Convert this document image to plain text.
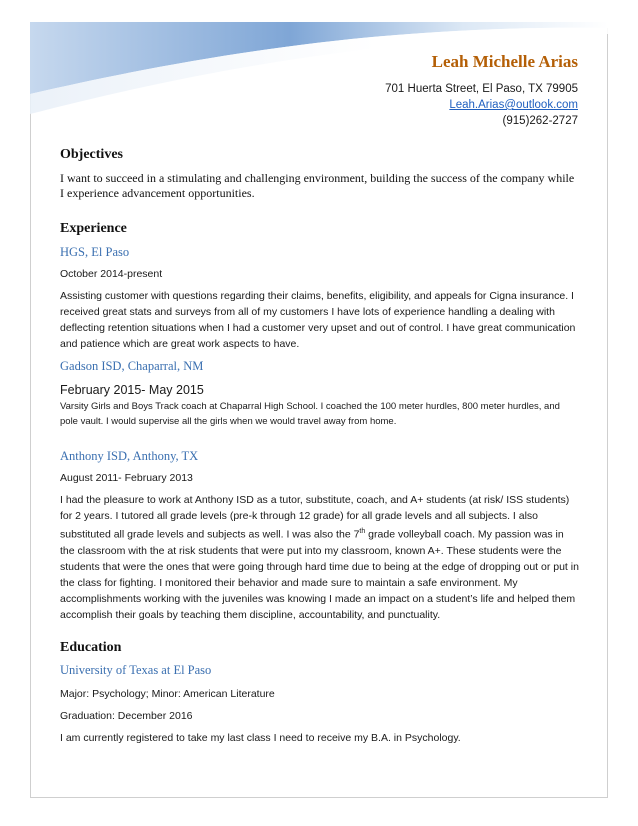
Leah Michelle Arias
701 Huerta Street, El Paso, TX 79905
Leah.Arias@outlook.com
(915)262-2727
Objectives
I want to succeed in a stimulating and challenging environment, building the success of the company while I experience advancement opportunities.
Experience
HGS, El Paso
October 2014-present
Assisting customer with questions regarding their claims, benefits, eligibility, and appeals for Cigna insurance. I received great stats and surveys from all of my customers I have lots of experience handling a dealing with deflecting retention situations when I had a customer very upset and out of control. I have great communication and patience which are great work aspects to have.
Gadson ISD, Chaparral, NM
February 2015- May 2015
Varsity Girls and Boys Track coach at Chaparral High School. I coached the 100 meter hurdles, 800 meter hurdles, and pole vault. I would supervise all the girls when we would travel away from home.
Anthony ISD, Anthony, TX
August 2011- February 2013
I had the pleasure to work at Anthony ISD as a tutor, substitute, coach, and A+ students (at risk/ ISS students) for 2 years. I tutored all grade levels (pre-k through 12 grade) for all grade levels and all subjects. I also substituted all grade levels and subjects as well. I was also the 7th grade volleyball coach. My passion was in the classroom with the at risk students that were put into my classroom, known A+. These students were the students that were the ones that were going through hard time due to being at the edge of dropping out or put in the class for fighting. I monitored their behavior and made sure to maintain a safe environment. My accomplishments working with the juveniles was knowing I made an impact on a student’s life and helped them accomplish their goals by teaching them discipline, accountability, and punctuality.
Education
University of Texas at El Paso
Major: Psychology; Minor: American Literature
Graduation: December 2016
I am currently registered to take my last class I need to receive my B.A. in Psychology.
